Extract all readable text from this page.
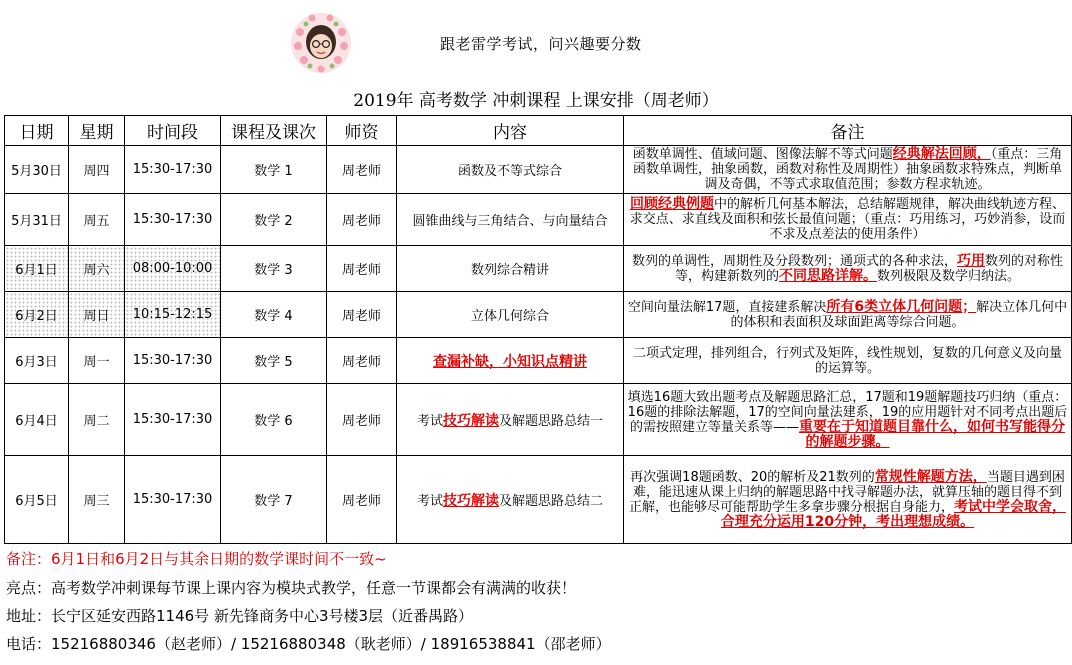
跟老雷学考试，问兴趣要分数
2019年 高考数学 冲刺课程 上课安排（周老师）
日期	星期	时间段	课程及课次	师资	内容	备注
5月30日	周四	15:30-17:30	数学 1	周老师	函数及不等式综合	函数单调性、值域问题、图像法解不等式问题经典解法回顾，（重点：三角函数单调性，抽象函数，函数对称性及周期性）抽象函数求特殊点，判断单调及奇偶，不等式求取值范围；参数方程求轨迹。
5月31日	周五	15:30-17:30	数学 2	周老师	圆锥曲线与三角结合、与向量结合	回顾经典例题中的解析几何基本解法，总结解题规律，解决曲线轨迹方程、求交点、求直线及面积和弦长最值问题；（重点：巧用练习，巧妙消参，设而不求及点差法的使用条件）
6月1日	周六	08:00-10:00	数学 3	周老师	数列综合精讲	数列的单调性，周期性及分段数列；通项式的各种求法，巧用数列的对称性等，构建新数列的不同思路详解。数列极限及数学归纳法。
6月2日	周日	10:15-12:15	数学 4	周老师	立体几何综合	空间向量法解17题，直接建系解决所有6类立体几何问题；解决立体几何中的体积和表面积及球面距离等综合问题。
6月3日	周一	15:30-17:30	数学 5	周老师	查漏补缺，小知识点精讲	二项式定理，排列组合，行列式及矩阵，线性规划，复数的几何意义及向量的运算等。
6月4日	周二	15:30-17:30	数学 6	周老师	考试技巧解读及解题思路总结一	填选16题大致出题考点及解题思路汇总，17题和19题解题技巧归纳（重点：16题的排除法解题，17的空间向量法建系，19的应用题针对不同考点出题后的需按照建立等量关系等——重要在于知道题目靠什么，如何书写能得分的解题步骤。
6月5日	周三	15:30-17:30	数学 7	周老师	考试技巧解读及解题思路总结二	再次强调18题函数、20的解析及21数列的常规性解题方法，当题目遇到困难，能迅速从课上归纳的解题思路中找寻解题办法，就算压轴的题目得不到正解，也能够尽可能帮助学生多拿步骤分根据自身能力，考试中学会取舍，合理充分运用120分钟，考出理想成绩。
备注：6月1日和6月2日与其余日期的数学课时间不一致~
亮点：高考数学冲刺课每节课上课内容为模块式教学，任意一节课都会有满满的收获！
地址：长宁区延安西路1146号 新先锋商务中心3号楼3层（近番禺路）
电话：15216880346（赵老师）/ 15216880348（耿老师）/ 18916538841（邵老师）
